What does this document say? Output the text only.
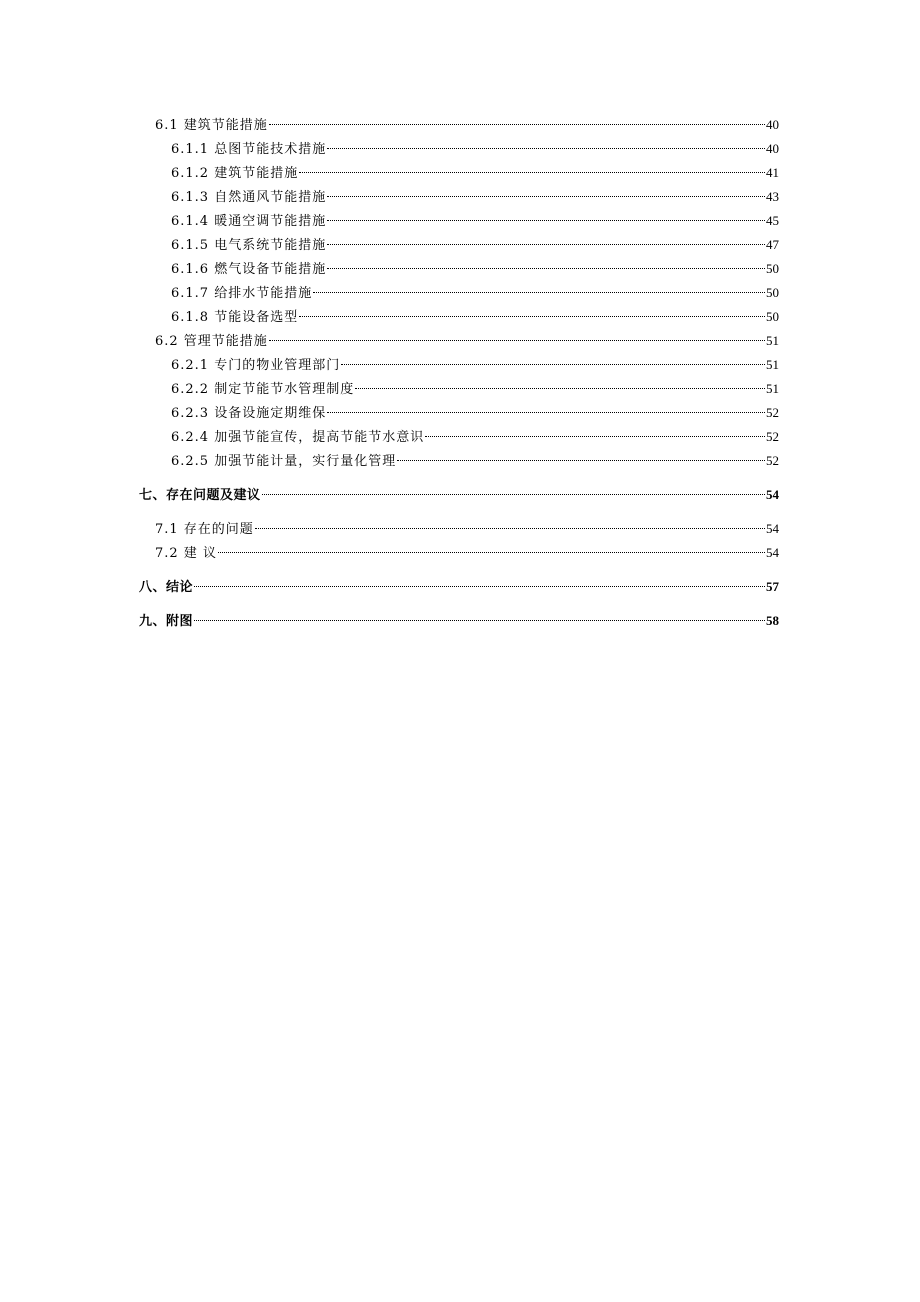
6.1 建筑节能措施	40
6.1.1 总图节能技术措施	40
6.1.2 建筑节能措施	41
6.1.3 自然通风节能措施	43
6.1.4 暖通空调节能措施	45
6.1.5 电气系统节能措施	47
6.1.6 燃气设备节能措施	50
6.1.7 给排水节能措施	50
6.1.8 节能设备选型	50
6.2 管理节能措施	51
6.2.1 专门的物业管理部门	51
6.2.2 制定节能节水管理制度	51
6.2.3 设备设施定期维保	52
6.2.4 加强节能宣传，提高节能节水意识	52
6.2.5 加强节能计量，实行量化管理	52
七、存在问题及建议	54
7.1 存在的问题	54
7.2 建 议	54
八、结论	57
九、附图	58
